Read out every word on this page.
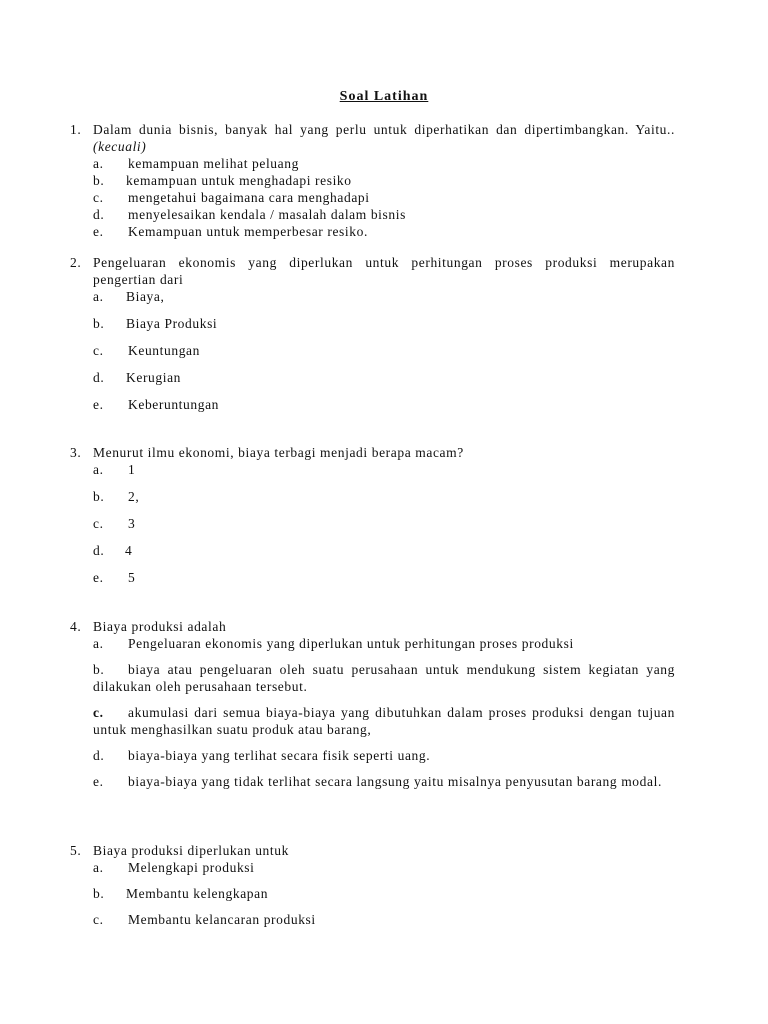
Soal Latihan
1. Dalam dunia bisnis, banyak hal yang perlu untuk diperhatikan dan dipertimbangkan. Yaitu.. (kecuali)
a.	kemampuan melihat peluang
b.	kemampuan untuk menghadapi resiko
c.	mengetahui bagaimana cara menghadapi
d.	menyelesaikan kendala / masalah dalam bisnis
e.	Kemampuan untuk memperbesar resiko.
2. Pengeluaran ekonomis yang diperlukan untuk perhitungan proses produksi merupakan pengertian dari
a.	Biaya,
b.	Biaya Produksi
c.	Keuntungan
d.	Kerugian
e.	Keberuntungan
3. Menurut ilmu ekonomi, biaya terbagi menjadi berapa macam?
a.	1
b.	2,
c.	3
d.	4
e.	5
4. Biaya produksi adalah
a.	Pengeluaran ekonomis yang diperlukan untuk perhitungan proses produksi
b.	biaya atau pengeluaran oleh suatu perusahaan untuk mendukung sistem kegiatan yang dilakukan oleh perusahaan tersebut.
c.	akumulasi dari semua biaya-biaya yang dibutuhkan dalam proses produksi dengan tujuan untuk menghasilkan suatu produk atau barang,
d.	biaya-biaya yang terlihat secara fisik seperti uang.
e.	biaya-biaya yang tidak terlihat secara langsung yaitu misalnya penyusutan barang modal.
5. Biaya produksi diperlukan untuk
a.	Melengkapi produksi
b.	Membantu kelengkapan
c.	Membantu kelancaran produksi
